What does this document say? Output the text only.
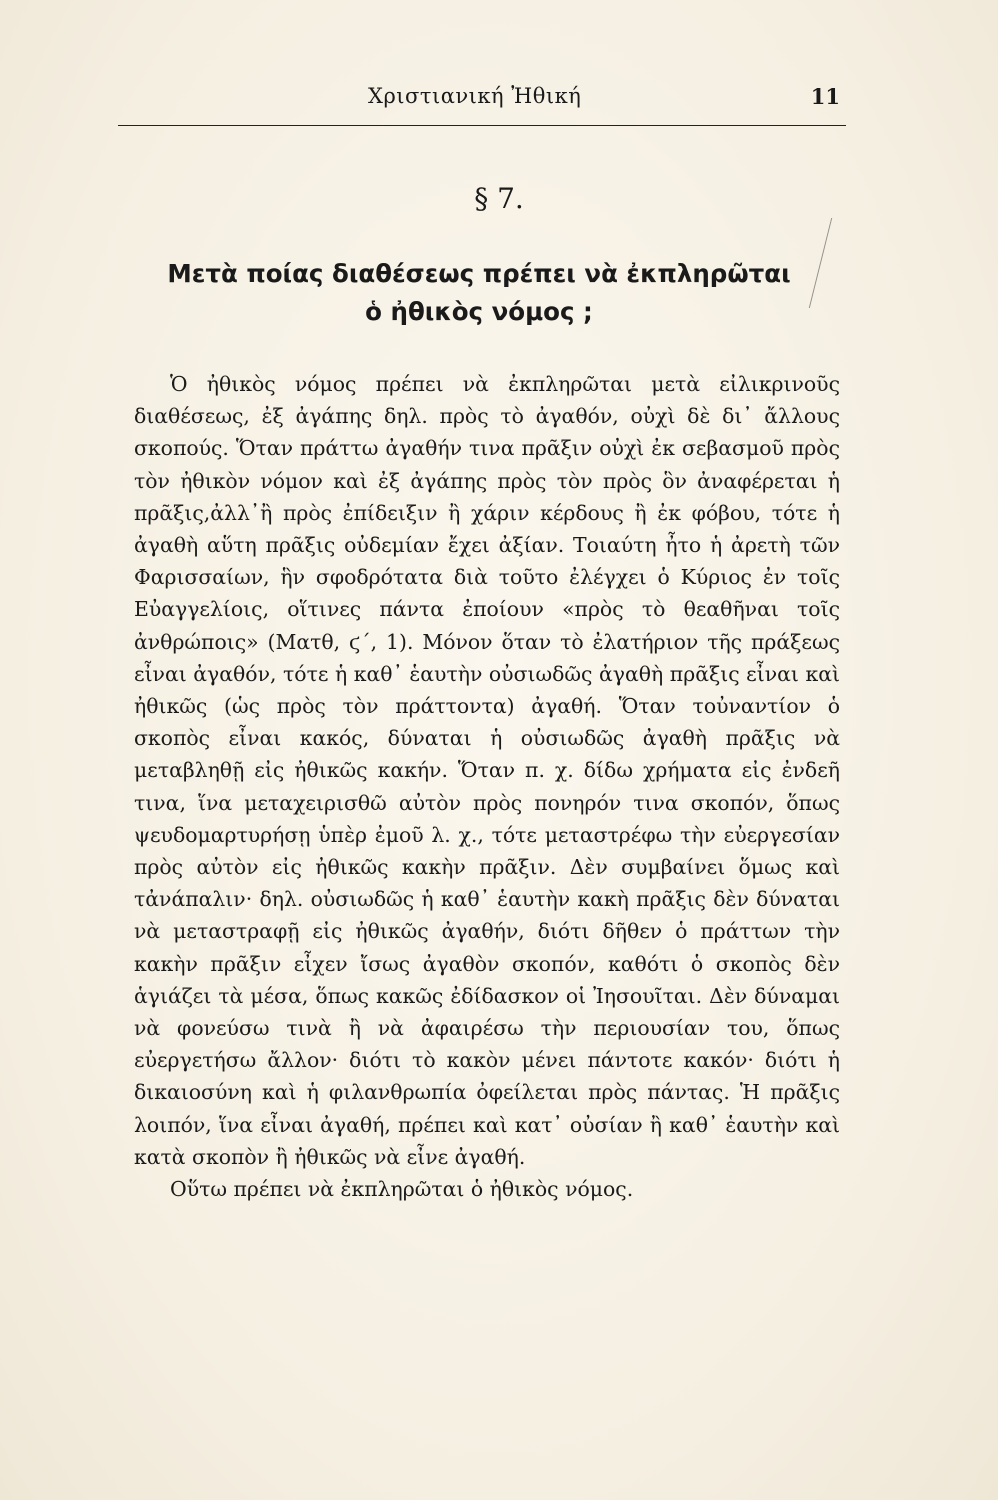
Χριστιανική Ἠθική	11
§ 7.
Μετὰ ποίας διαθέσεως πρέπει νὰ ἐκπληρῶται
ὁ ἠθικὸς νόμος ;

Ὁ ἠθικὸς νόμος πρέπει νὰ ἐκπληρῶται μετὰ εἰλικρινοῦς διαθέσεως, ἐξ ἀγάπης δηλ. πρὸς τὸ ἀγαθόν, οὐχὶ δὲ δι᾿ ἄλλους σκοπούς. Ὅταν πράττω ἀγαθήν τινα πρᾶξιν οὐχὶ ἐκ σεβασμοῦ πρὸς τὸν ἠθικὸν νόμον καὶ ἐξ ἀγάπης πρὸς τὸν πρὸς ὃν ἀναφέρεται ἡ πρᾶξις,ἀλλ᾿ἢ πρὸς ἐπίδειξιν ἢ χάριν κέρδους ἢ ἐκ φόβου, τότε ἡ ἀγαθὴ αὕτη πρᾶξις οὐδεμίαν ἔχει ἀξίαν. Τοιαύτη ἦτο ἡ ἀρετὴ τῶν Φαρισσαίων, ἣν σφοδρότατα διὰ τοῦτο ἐλέγχει ὁ Κύριος ἐν τοῖς Εὐαγγελίοις, οἵτινες πάντα ἐποίουν «πρὸς τὸ θεαθῆναι τοῖς ἀνθρώποις» (Ματθ, ϛ΄, 1). Μόνον ὅταν τὸ ἐλατήριον τῆς πράξεως εἶναι ἀγαθόν, τότε ἡ καθ᾿ ἑαυτὴν οὐσιωδῶς ἀγαθὴ πρᾶξις εἶναι καὶ ἠθικῶς (ὡς πρὸς τὸν πράττοντα) ἀγαθή. Ὅταν τοὐναντίον ὁ σκοπὸς εἶναι κακός, δύναται ἡ οὐσιωδῶς ἀγαθὴ πρᾶξις νὰ μεταβληθῇ εἰς ἠθικῶς κακήν. Ὅταν π. χ. δίδω χρήματα εἰς ἐνδεῆ τινα, ἵνα μεταχειρισθῶ αὐτὸν πρὸς πονηρόν τινα σκοπόν, ὅπως ψευδομαρτυρήσῃ ὑπὲρ ἐμοῦ λ. χ., τότε μεταστρέφω τὴν εὐεργεσίαν πρὸς αὐτὸν εἰς ἠθικῶς κακὴν πρᾶξιν. Δὲν συμβαίνει ὅμως καὶ τἀνάπαλιν· δηλ. οὐσιωδῶς ἡ καθ᾿ ἑαυτὴν κακὴ πρᾶξις δὲν δύναται νὰ μεταστραφῇ εἰς ἠθικῶς ἀγαθήν, διότι δῆθεν ὁ πράττων τὴν κακὴν πρᾶξιν εἶχεν ἴσως ἀγαθὸν σκοπόν, καθότι ὁ σκοπὸς δὲν ἁγιάζει τὰ μέσα, ὅπως κακῶς ἐδίδασκον οἱ Ἰησουῖται. Δὲν δύναμαι νὰ φονεύσω τινὰ ἢ νὰ ἀφαιρέσω τὴν περιουσίαν του, ὅπως εὐεργετήσω ἄλλον· διότι τὸ κακὸν μένει πάντοτε κακόν· διότι ἡ δικαιοσύνη καὶ ἡ φιλανθρωπία ὀφείλεται πρὸς πάντας. Ἡ πρᾶξις λοιπόν, ἵνα εἶναι ἀγαθή, πρέπει καὶ κατ᾿ οὐσίαν ἢ καθ᾿ ἑαυτὴν καὶ κατὰ σκοπὸν ἢ ἠθικῶς νὰ εἶνε ἀγαθή.

Οὕτω πρέπει νὰ ἐκπληρῶται ὁ ἠθικὸς νόμος.
